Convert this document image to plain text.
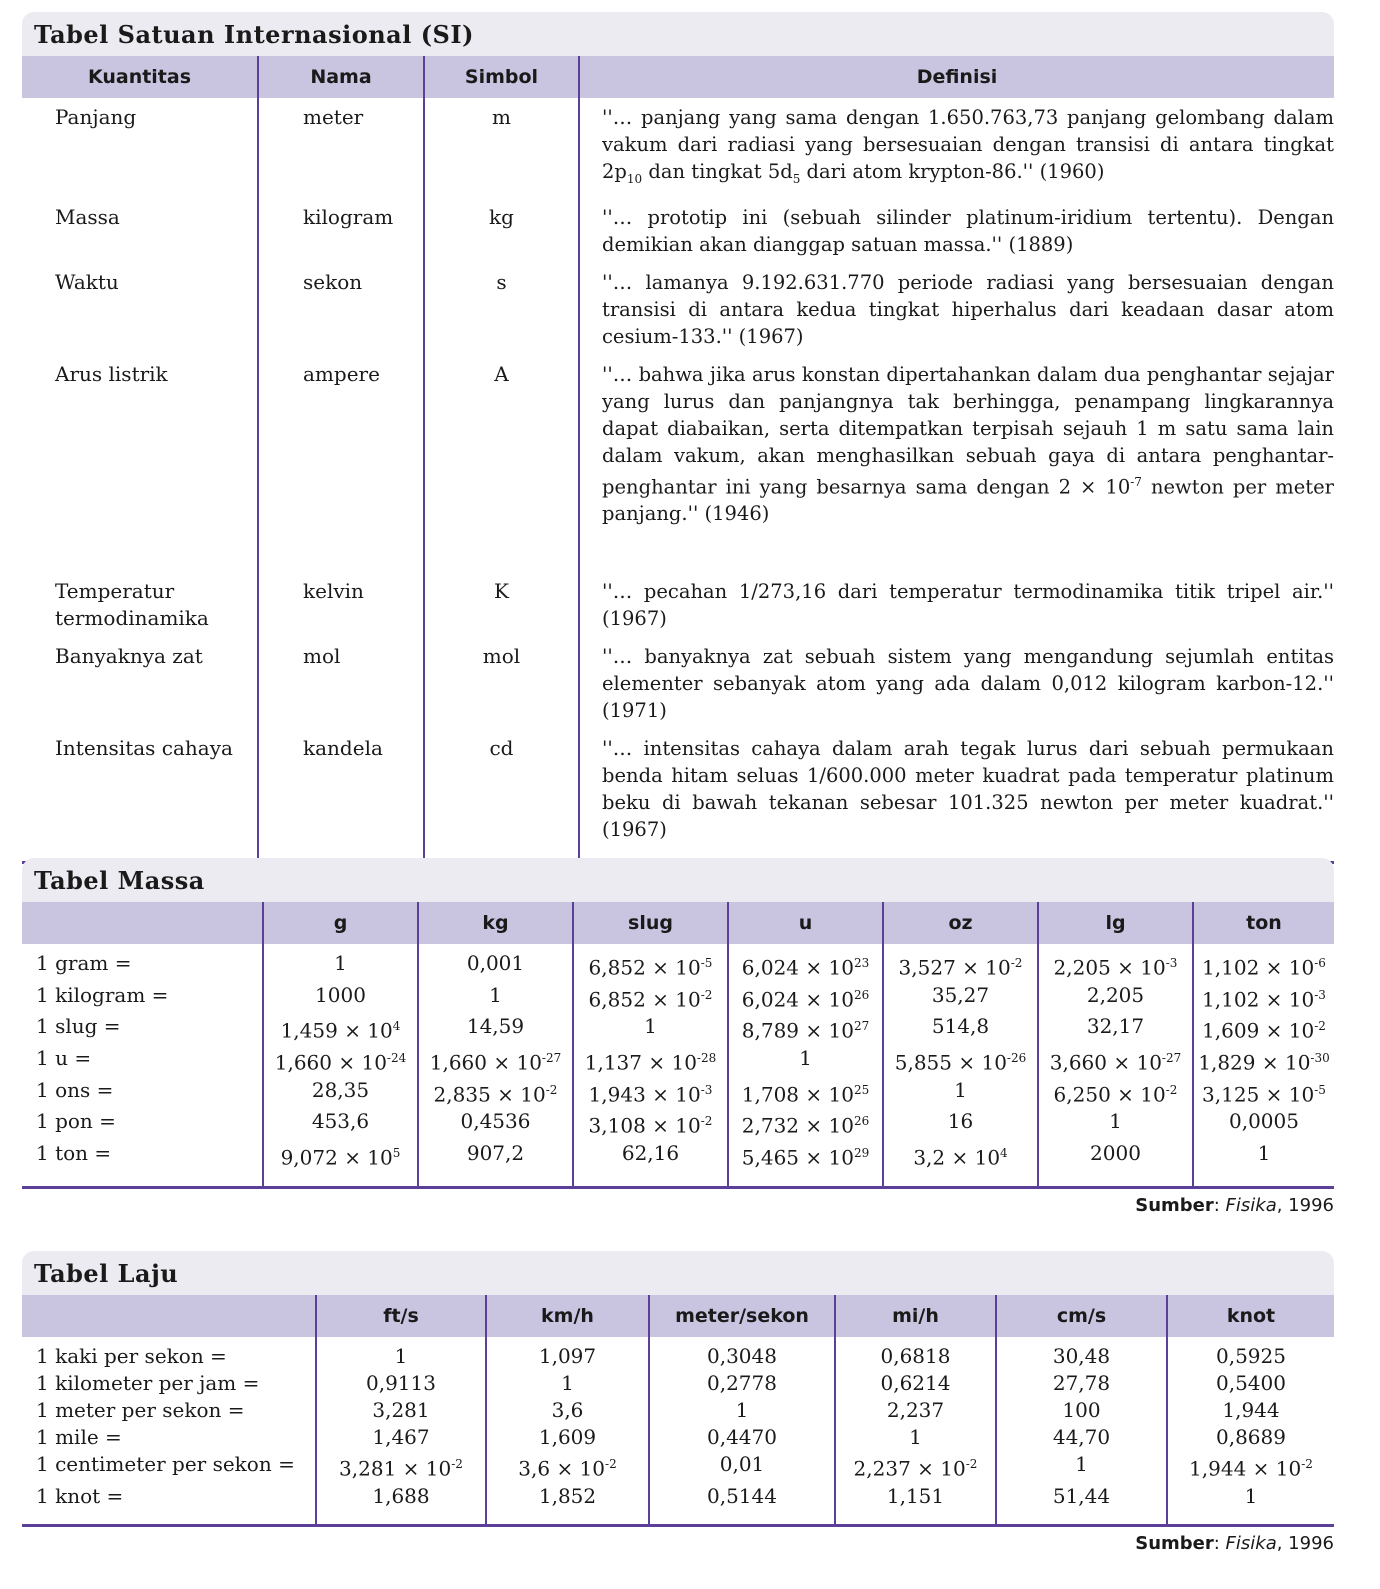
Tabel Satuan Internasional (SI)
Kuantitas	Nama	Simbol	Definisi
Panjang	meter	m	''… panjang yang sama dengan 1.650.763,73 panjang gelombang dalam vakum dari radiasi yang bersesuaian dengan transisi di antara tingkat $2p_{10}$ dan tingkat $5d_5$ dari atom krypton-86.'' (1960)
Massa	kilogram	kg	''… prototip ini (sebuah silinder platinum-iridium tertentu). Dengan demikian akan dianggap satuan massa.'' (1889)
Waktu	sekon	s	''… lamanya 9.192.631.770 periode radiasi yang bersesuaian dengan transisi di antara kedua tingkat hiperhalus dari keadaan dasar atom cesium-133.'' (1967)
Arus listrik	ampere	A	''… bahwa jika arus konstan dipertahankan dalam dua penghantar sejajar yang lurus dan panjangnya tak berhingga, penampang lingkarannya dapat diabaikan, serta ditempatkan terpisah sejauh 1 m satu sama lain dalam vakum, akan menghasilkan sebuah gaya di antara penghantar-penghantar ini yang besarnya sama dengan $2 \times 10^{-7}$ newton per meter panjang.'' (1946)
Temperatur
termodinamika	kelvin	K	''… pecahan 1/273,16 dari temperatur termodinamika titik tripel air.'' (1967)
Banyaknya zat	mol	mol	''… banyaknya zat sebuah sistem yang mengandung sejumlah entitas elementer sebanyak atom yang ada dalam 0,012 kilogram karbon-12.'' (1971)
Intensitas cahaya	kandela	cd	''… intensitas cahaya dalam arah tegak lurus dari sebuah permukaan benda hitam seluas 1/600.000 meter kuadrat pada temperatur platinum beku di bawah tekanan sebesar 101.325 newton per meter kuadrat.'' (1967)
Tabel Massa
	g	kg	slug	u	oz	lg	ton
1 gram =	1	0,001	$6,852 \times 10^{-5}$	$6,024 \times 10^{23}$	$3,527 \times 10^{-2}$	$2,205 \times 10^{-3}$	$1,102 \times 10^{-6}$
1 kilogram =	1000	1	$6,852 \times 10^{-2}$	$6,024 \times 10^{26}$	35,27	2,205	$1,102 \times 10^{-3}$
1 slug =	$1,459 \times 10^4$	14,59	1	$8,789 \times 10^{27}$	514,8	32,17	$1,609 \times 10^{-2}$
1 u =	$1,660 \times 10^{-24}$	$1,660 \times 10^{-27}$	$1,137 \times 10^{-28}$	1	$5,855 \times 10^{-26}$	$3,660 \times 10^{-27}$	$1,829 \times 10^{-30}$
1 ons =	28,35	$2,835 \times 10^{-2}$	$1,943 \times 10^{-3}$	$1,708 \times 10^{25}$	1	$6,250 \times 10^{-2}$	$3,125 \times 10^{-5}$
1 pon =	453,6	0,4536	$3,108 \times 10^{-2}$	$2,732 \times 10^{26}$	16	1	0,0005
1 ton =	$9,072 \times 10^5$	907,2	62,16	$5,465 \times 10^{29}$	$3,2 \times 10^4$	2000	1
Sumber: Fisika, 1996
Tabel Laju
	ft/s	km/h	meter/sekon	mi/h	cm/s	knot
1 kaki per sekon =	1	1,097	0,3048	0,6818	30,48	0,5925
1 kilometer per jam =	0,9113	1	0,2778	0,6214	27,78	0,5400
1 meter per sekon =	3,281	3,6	1	2,237	100	1,944
1 mile =	1,467	1,609	0,4470	1	44,70	0,8689
1 centimeter per sekon =	$3,281 \times 10^{-2}$	$3,6 \times 10^{-2}$	0,01	$2,237 \times 10^{-2}$	1	$1,944 \times 10^{-2}$
1 knot =	1,688	1,852	0,5144	1,151	51,44	1
Sumber: Fisika, 1996
